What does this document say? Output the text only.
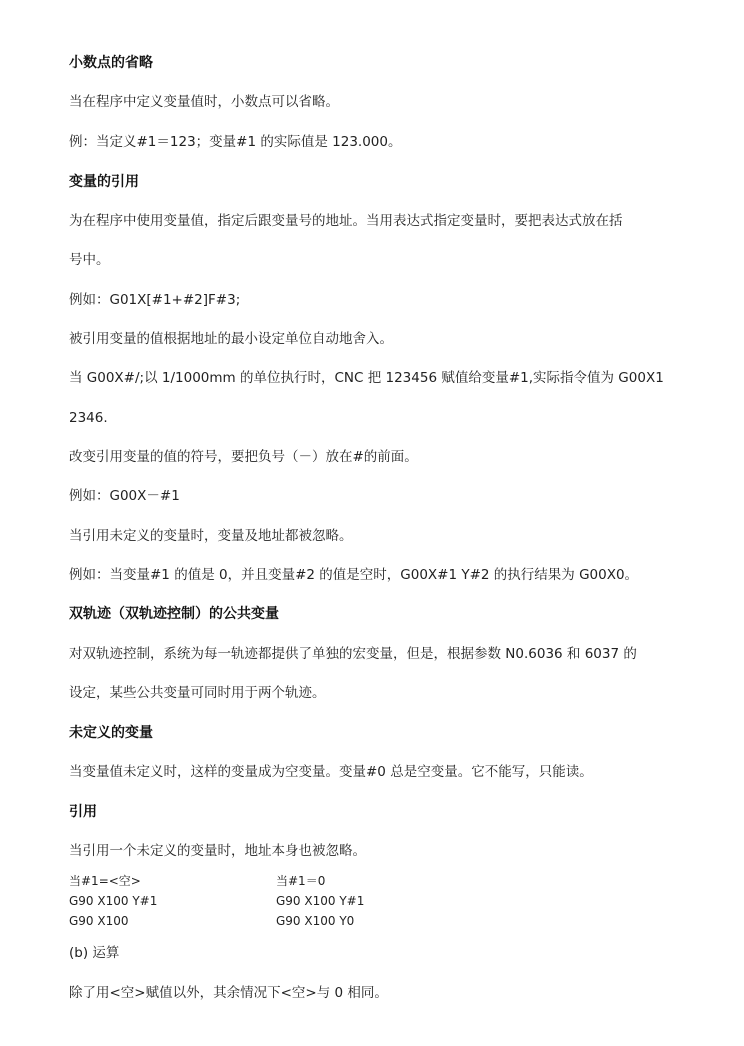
小数点的省略
当在程序中定义变量值时，小数点可以省略。
例：当定义#1＝123；变量#1 的实际值是 123.000。
变量的引用
为在程序中使用变量值，指定后跟变量号的地址。当用表达式指定变量时，要把表达式放在括
号中。
例如：G01X[#1+#2]F#3;
被引用变量的值根据地址的最小设定单位自动地舍入。
当 G00X#/;以 1/1000mm 的单位执行时，CNC 把 123456 赋值给变量#1,实际指令值为 G00X1
2346.
改变引用变量的值的符号，要把负号（－）放在#的前面。
例如：G00X－#1
当引用未定义的变量时，变量及地址都被忽略。
例如：当变量#1 的值是 0，并且变量#2 的值是空时，G00X#1 Y#2 的执行结果为 G00X0。
双轨迹（双轨迹控制）的公共变量
对双轨迹控制，系统为每一轨迹都提供了单独的宏变量，但是，根据参数 N0.6036 和 6037 的
设定，某些公共变量可同时用于两个轨迹。
未定义的变量
当变量值未定义时，这样的变量成为空变量。变量#0 总是空变量。它不能写，只能读。
引用
当引用一个未定义的变量时，地址本身也被忽略。
当#1=<空>
G90 X100 Y#1
G90 X100
当#1＝0
G90 X100 Y#1
G90 X100 Y0
(b) 运算
除了用<空>赋值以外，其余情况下<空>与 0 相同。
